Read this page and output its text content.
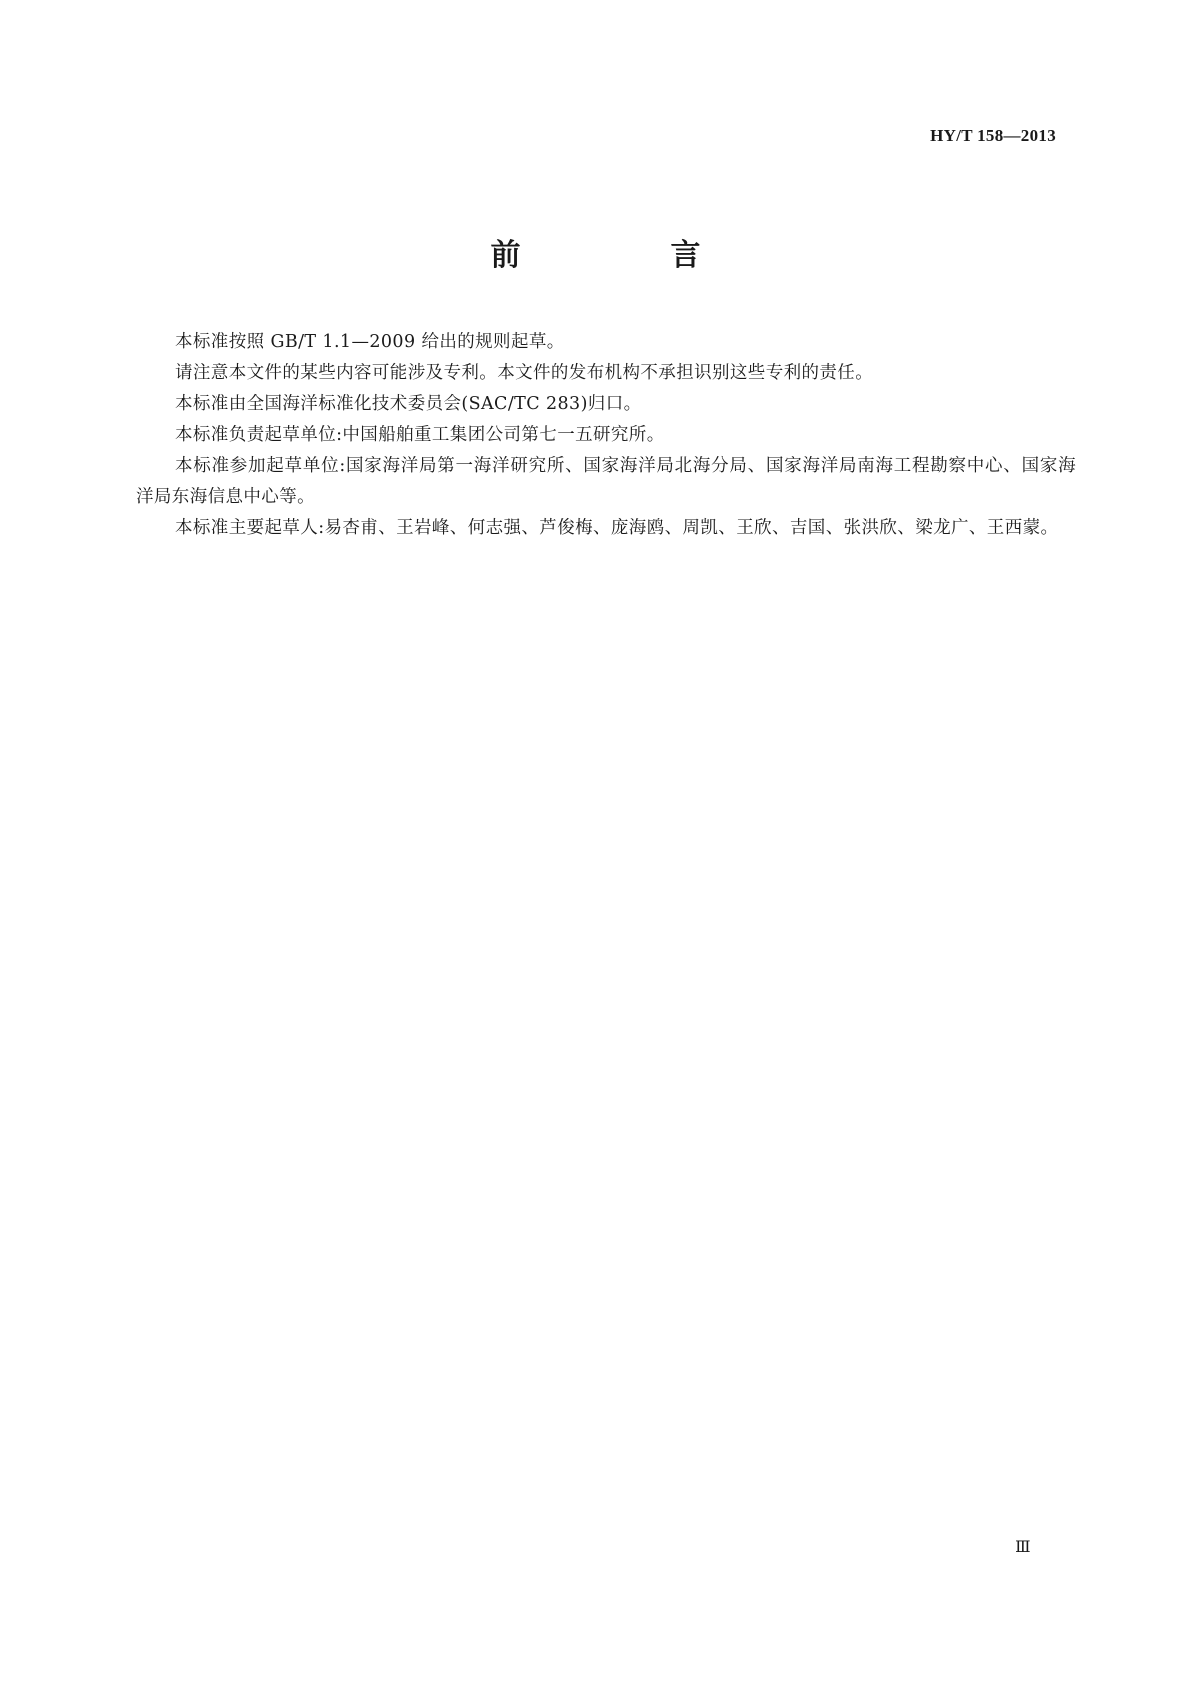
HY/T 158—2013
前　言

本标准按照 GB/T 1.1—2009 给出的规则起草。

请注意本文件的某些内容可能涉及专利。本文件的发布机构不承担识别这些专利的责任。

本标准由全国海洋标准化技术委员会(SAC/TC 283)归口。

本标准负责起草单位:中国船舶重工集团公司第七一五研究所。

本标准参加起草单位:国家海洋局第一海洋研究所、国家海洋局北海分局、国家海洋局南海工程勘察中心、国家海洋局东海信息中心等。

本标准主要起草人:易杏甫、王岩峰、何志强、芦俊梅、庞海鸥、周凯、王欣、吉国、张洪欣、梁龙广、王西蒙。

Ⅲ
